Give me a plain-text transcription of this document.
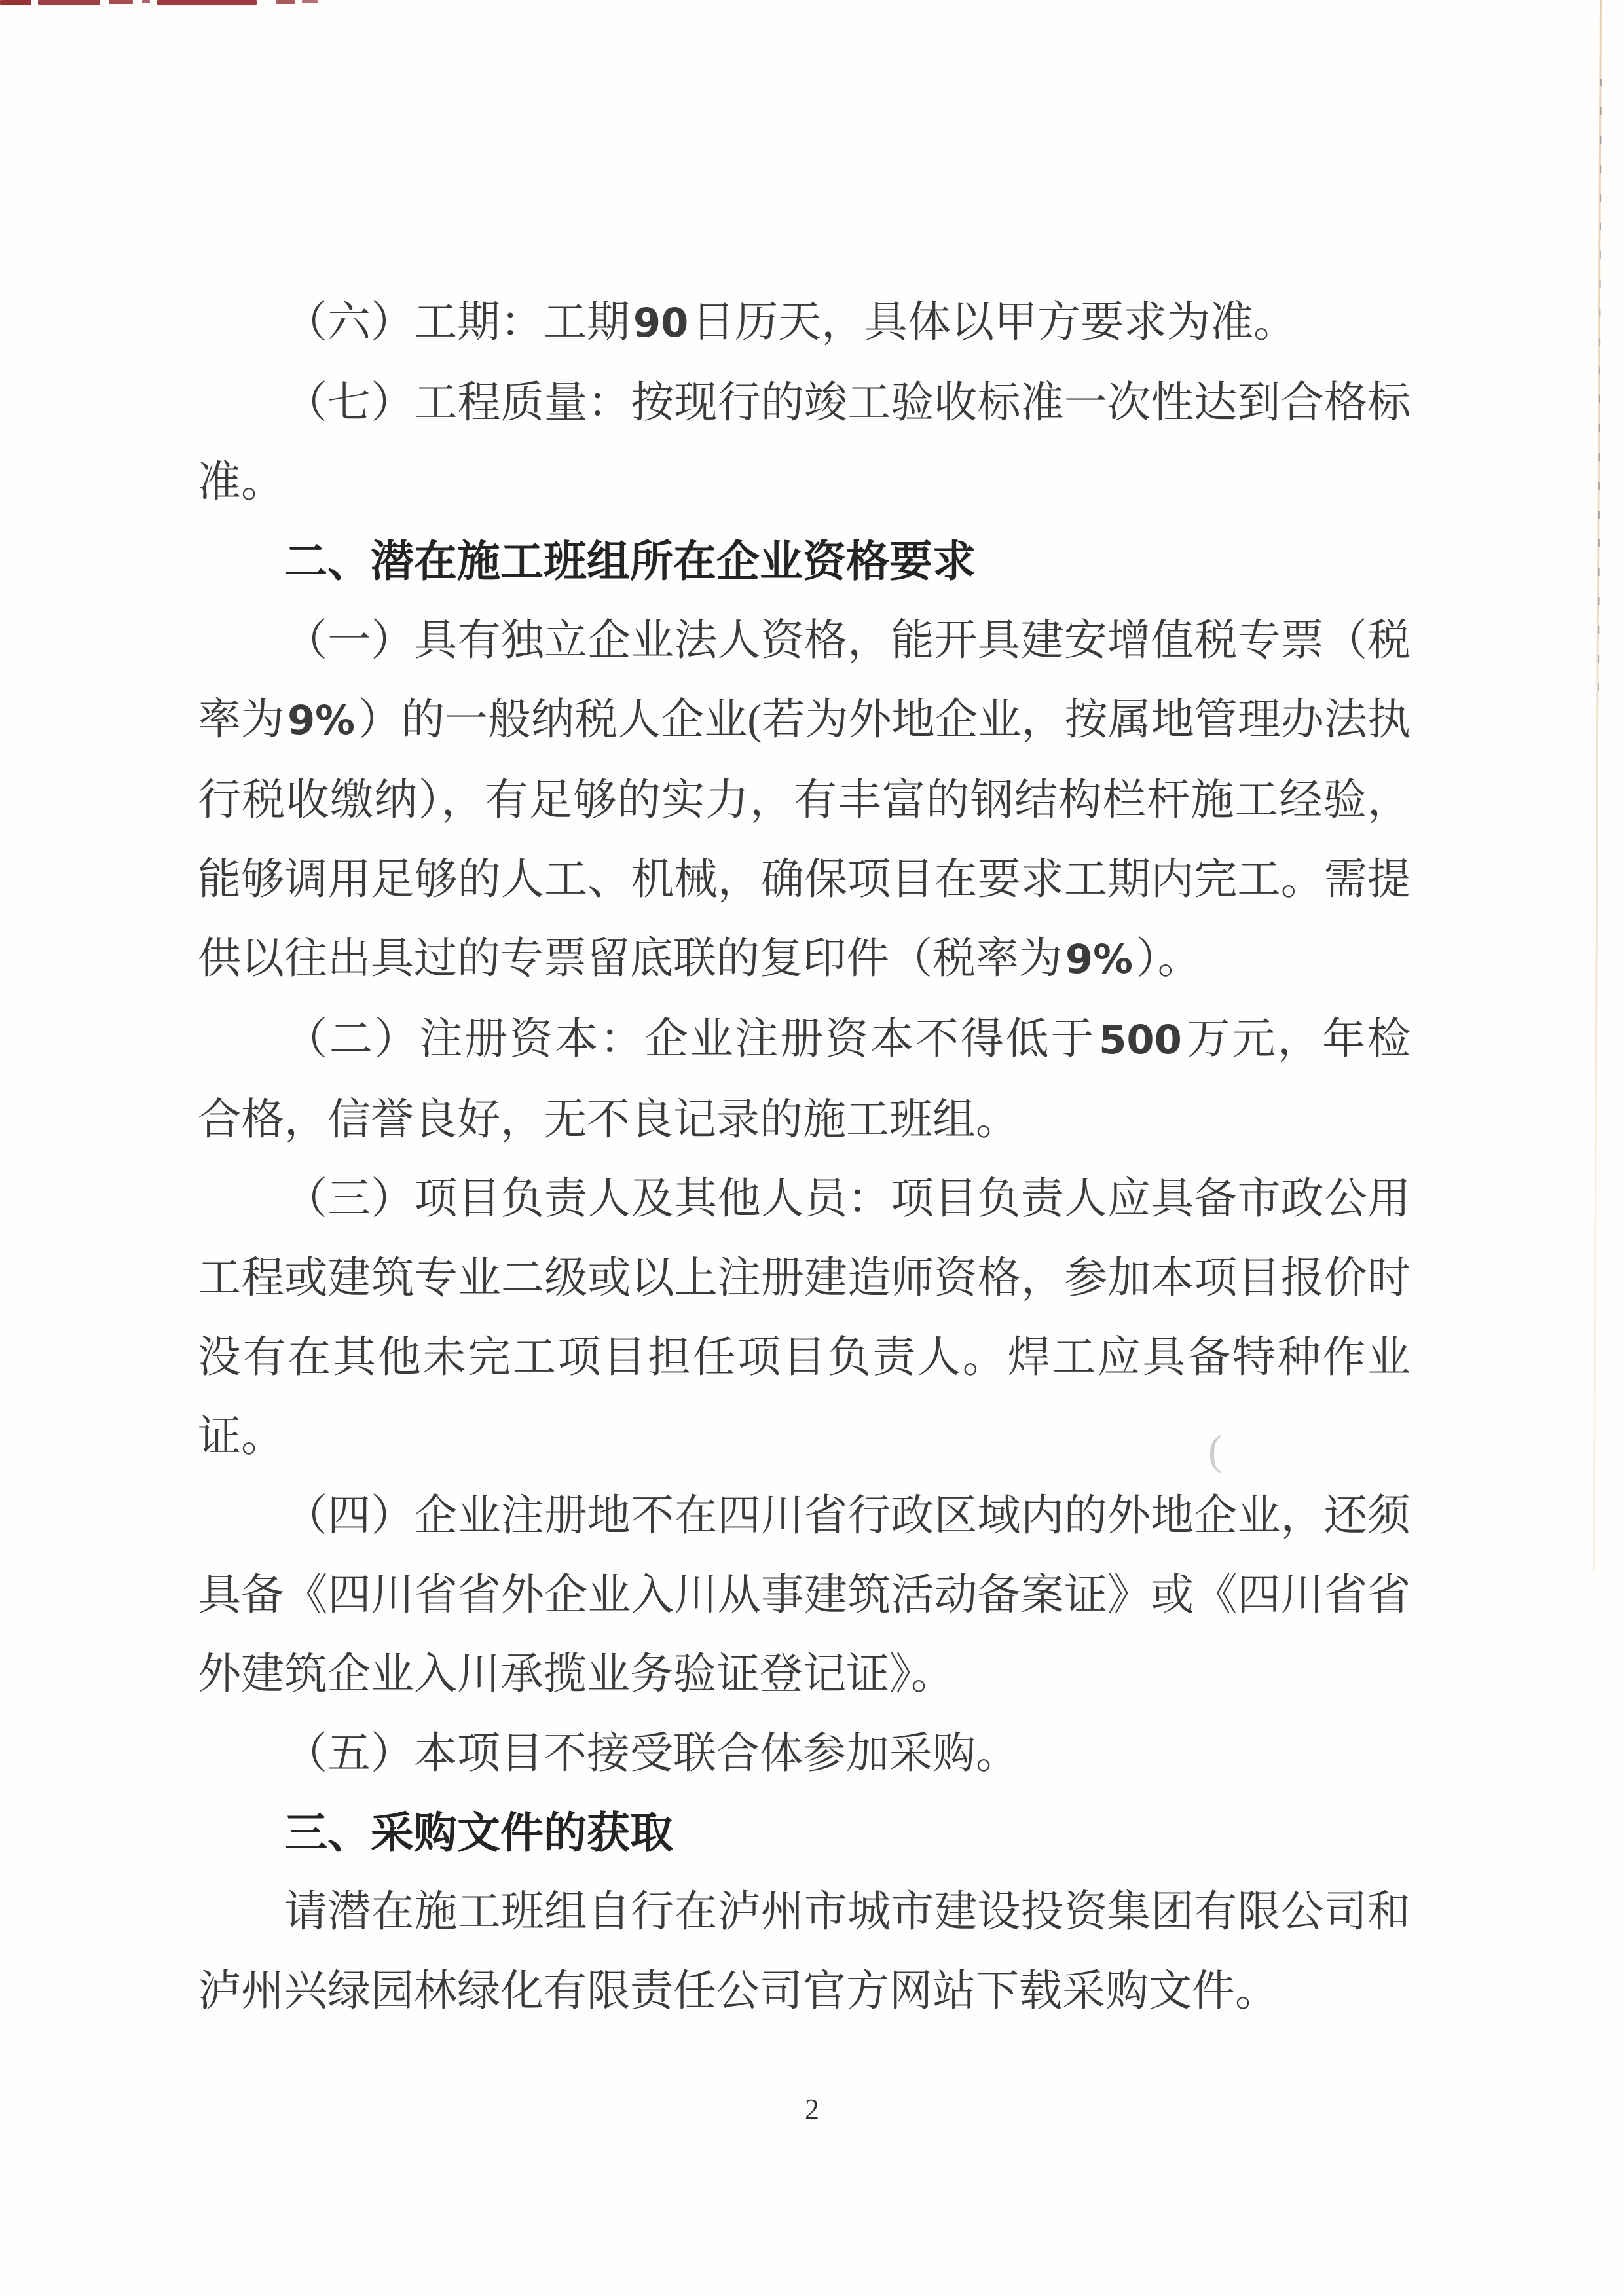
（六）工期：工期90日历天，具体以甲方要求为准。

（七）工程质量：按现行的竣工验收标准一次性达到合格标准。

二、潜在施工班组所在企业资格要求

（一）具有独立企业法人资格，能开具建安增值税专票（税率为9%）的一般纳税人企业(若为外地企业，按属地管理办法执行税收缴纳），有足够的实力，有丰富的钢结构栏杆施工经验，能够调用足够的人工、机械，确保项目在要求工期内完工。需提供以往出具过的专票留底联的复印件（税率为9%）。

（二）注册资本：企业注册资本不得低于500万元，年检合格，信誉良好，无不良记录的施工班组。

（三）项目负责人及其他人员：项目负责人应具备市政公用工程或建筑专业二级或以上注册建造师资格，参加本项目报价时没有在其他未完工项目担任项目负责人。焊工应具备特种作业证。

（四）企业注册地不在四川省行政区域内的外地企业，还须具备《四川省省外企业入川从事建筑活动备案证》或《四川省省外建筑企业入川承揽业务验证登记证》。

（五）本项目不接受联合体参加采购。

三、采购文件的获取

请潜在施工班组自行在泸州市城市建设投资集团有限公司和泸州兴绿园林绿化有限责任公司官方网站下载采购文件。

(
2
